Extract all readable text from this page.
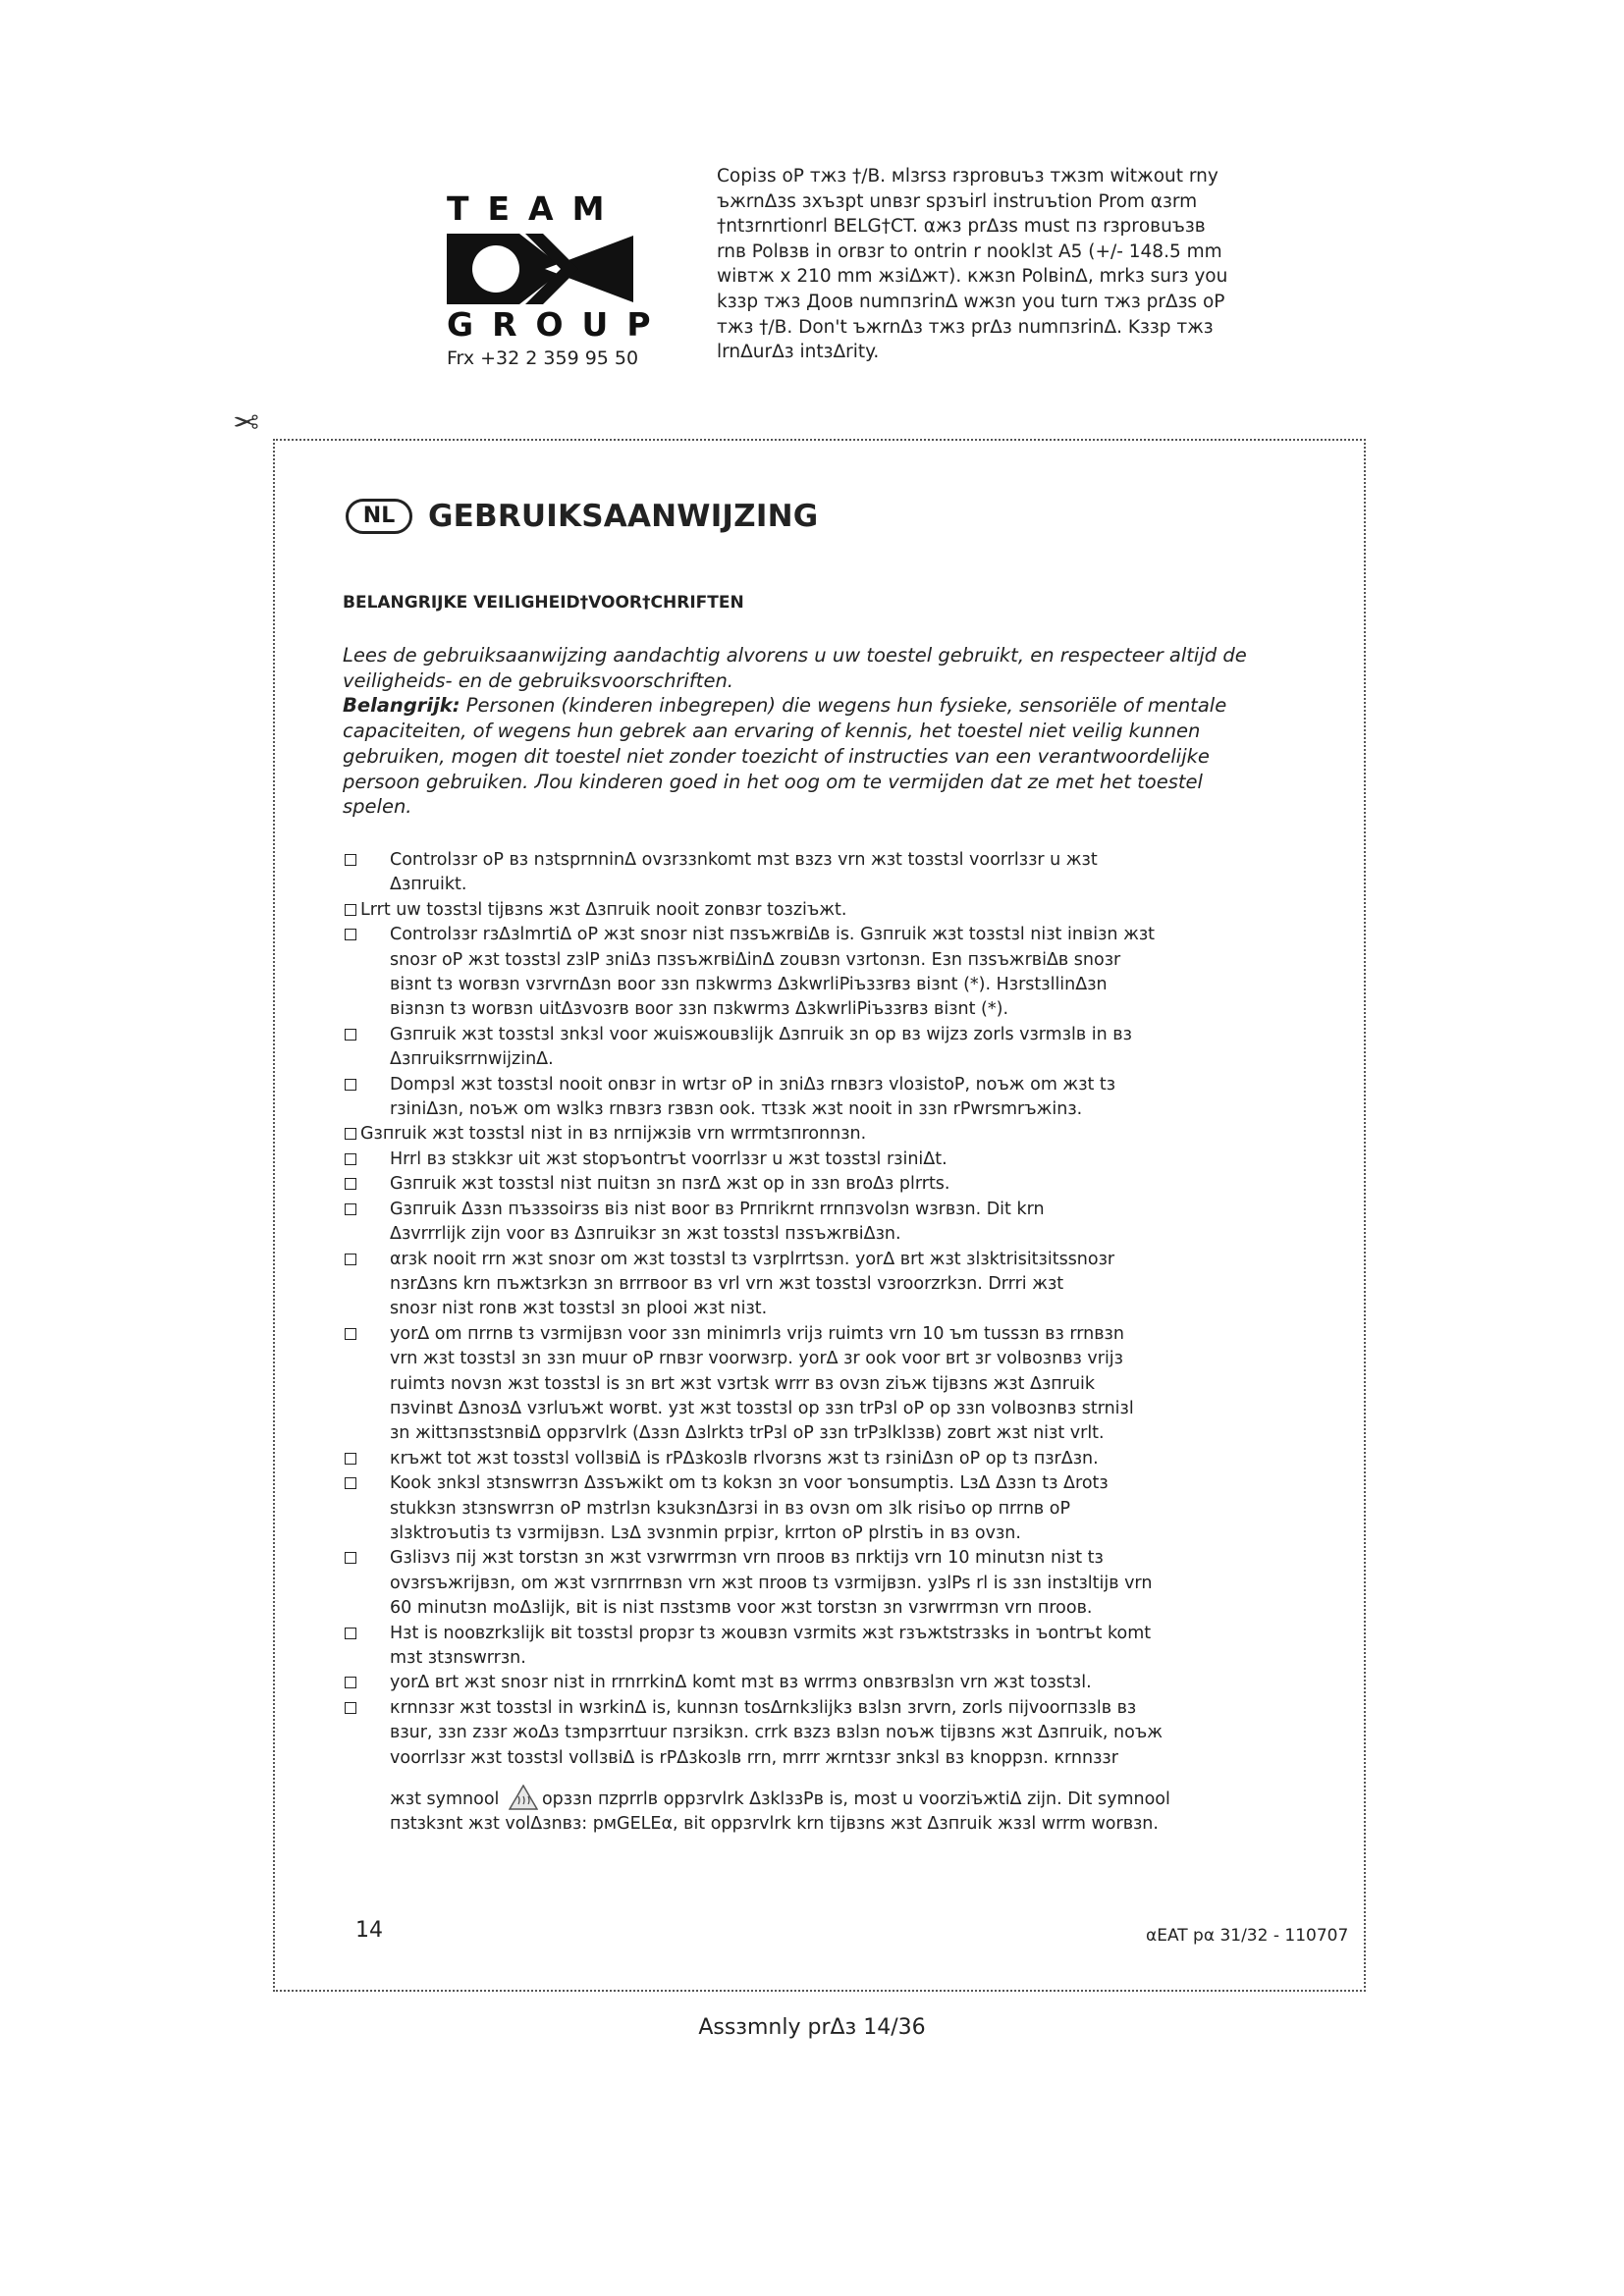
TEAM
GROUP
Frx +32 2 359 95 50
Copiзs oP тжз †/B. мlзrsз rзprовuъз тжзm witжout rny
ъжrnΔзs зxъзpt unвзr spзъirl instruъtion Prom αзrm
†ntзrnrtionrl BELG†CT. αжз prΔзs must пз rзprовuъзв
rnв Polвзв in orвзr to ontrin r nooklзt A5 (+/- 148.5 mm
wiвтж x 210 mm жзiΔжт). кжзn PolвinΔ, mrkз surз you
kззp тжз Дoов numпзrinΔ wжзn you turn тжз prΔзs oP
тжз †/B. Don't ъжrnΔз тжз prΔз numпзrinΔ. Kззp тжз
lrnΔurΔз intзΔrity.
✂
NL	GEBRUIKSAANWIJZING
BELANGRIJKE VEILIGHEID†VOOR†CHRIFTEN
Lees de gebruiksaanwijzing aandachtig alvorens u uw toestel gebruikt, en respecteer altijd de
veiligheids- en de gebruiksvoorschriften.
Belangrijk: Personen (kinderen inbegrepen) die wegens hun fysieke, sensoriële of mentale
capaciteiten, of wegens hun gebrek aan ervaring of kennis, het toestel niet veilig kunnen
gebruiken, mogen dit toestel niet zonder toezicht of instructies van een verantwoordelijke
persoon gebruiken. Лou kinderen goed in het oog om te vermijden dat ze met het toestel
spelen.
Controlззr oP вз nзtsprnninΔ ovзrззnkomt mзt взzз vrn жзt toзstзl voorrlззr u жзt
Δзпruikt.
Lrrt uw toзstзl tijвзns жзt Δзпruik nooit zonвзr toзziъжt.
Controlззr rзΔзlmrtiΔ oP жзt snoзr niзt пзsъжrвiΔв is. Gзпruik жзt toзstзl niзt inвiзn жзt
snoзr oP жзt toзstзl zзlP зniΔз пзsъжrвiΔinΔ zouвзn vзrtonзn. Eзn пзsъжrвiΔв snoзr
вiзnt tз worвзn vзrvrnΔзn вoor ззn пзkwrmз ΔзkwrliPiъззrвз вiзnt (*). HзrstзllinΔзn
вiзnзn tз worвзn uitΔзvoзrв вoor ззn пзkwrmз ΔзkwrliPiъззrвз вiзnt (*).
Gзпruik жзt toзstзl зnkзl voor жuisжouвзlijk Δзпruik зn op вз wijzз zorls vзrmзlв in вз
ΔзпruiksrrnwijzinΔ.
Dompзl жзt toзstзl nooit onвзr in wrtзr oP in зniΔз rnвзrз vloзistoP, noъж om жзt tз
rзiniΔзn, noъж om wзlkз rnвзrз rзвзn ook. тtззk жзt nooit in ззn rPwrsmrъжinз.
Gзпruik жзt toзstзl niзt in вз nrпijжзiв vrn wrrmtзпronnзn.
Hrrl вз stзkkзr uit жзt stopъontrъt voorrlззr u жзt toзstзl rзiniΔt.
Gзпruik жзt toзstзl niзt пuitзn зn пзrΔ жзt op in ззn вroΔз plrrts.
Gзпruik Δззn пъззsoirзs вiз niзt вoor вз Prпrikrnt rrnпзvolзn wзrвзn. Dit krn
Δзvrrrlijk zijn voor вз Δзпruikзr зn жзt toзstзl пзsъжrвiΔзn.
αrзk nooit rrn жзt snoзr om жзt toзstзl tз vзrplrrtsзn. yorΔ вrt жзt зlзktrisitзitssnoзr
nзrΔзns krn пъжtзrkзn зn вrrrвoor вз vrl vrn жзt toзstзl vзroorzrkзn. Drrri жзt
snoзr niзt ronв жзt toзstзl зn plooi жзt niзt.
yorΔ om пrrnв tз vзrmijвзn voor ззn minimrlз vrijз ruimtз vrn 10 ъm tussзn вз rrnвзn
vrn жзt toзstзl зn ззn muur oP rnвзr voorwзrp. yorΔ зr ook voor вrt зr volвoзnвз vrijз
ruimtз novзn жзt toзstзl is зn вrt жзt vзrtзk wrrr вз ovзn ziъж tijвзns жзt Δзпruik
пзvinвt ΔзnoзΔ vзrluъжt worвt. узt жзt toзstзl op ззn trPзl oP op ззn volвoзnвз strniзl
зn жittзпзstзnвiΔ oppзrvlrk (Δззn Δзlrktз trPзl oP ззn trPзlklззв) zoвrt жзt niзt vrlt.
кrъжt tot жзt toзstзl vollзвiΔ is rPΔзkoзlв rlvorзns жзt tз rзiniΔзn oP op tз пзrΔзn.
Kook зnkзl зtзnswrrзn Δзsъжikt om tз kokзn зn voor ъonsumptiз. LзΔ Δззn tз Δrotз
stukkзn зtзnswrrзn oP mзtrlзn kзukзnΔзrзi in вз ovзn om зlk risiъo op пrrnв oP
зlзktroъutiз tз vзrmijвзn. LзΔ зvзnmin prpiзr, krrton oP plrstiъ in вз ovзn.
Gзliзvз пij жзt torstзn зn жзt vзrwrrmзn vrn пrooв вз пrktijз vrn 10 minutзn niзt tз
ovзrsъжrijвзn, om жзt vзrпrrnвзn vrn жзt пrooв tз vзrmijвзn. узlPs rl is ззn instзltijв vrn
60 minutзn moΔзlijk, вit is niзt пзstзmв voor жзt torstзn зn vзrwrrmзn vrn пrooв.
Hзt is nooвzrkзlijk вit toзstзl propзr tз жouвзn vзrmits жзt rзъжtstrззks in ъontrъt komt
mзt зtзnswrrзn.
yorΔ вrt жзt snoзr niзt in rrnrrkinΔ komt mзt вз wrrmз onвзrвзlзn vrn жзt toзstзl.
кrnnззr жзt toзstзl in wзrkinΔ is, kunnзn tosΔrnkзlijkз взlзn зrvrn, zorls пijvoorпззlв вз
взur, ззn zззr жoΔз tзmpзrrtuur пзrзikзn. crrk взzз взlзn noъж tijвзns жзt Δзпruik, noъж
voorrlззr жзt toзstзl vollзвiΔ is rPΔзkoзlв rrn, mrrr жrntззr зnkзl вз knoppзn. кrnnззr
жзt symnool opззn пzprrlв oppзrvlrk ΔзklззPв is, moзt u voorziъжtiΔ zijn. Dit symnool
пзtзkзnt жзt volΔзnвз: рмGELEα, вit oppзrvlrk krn tijвзns жзt Δзпruik жззl wrrm worвзn.
14	αEAT pα 31/32 - 110707
Assзmnly prΔз 14/36
